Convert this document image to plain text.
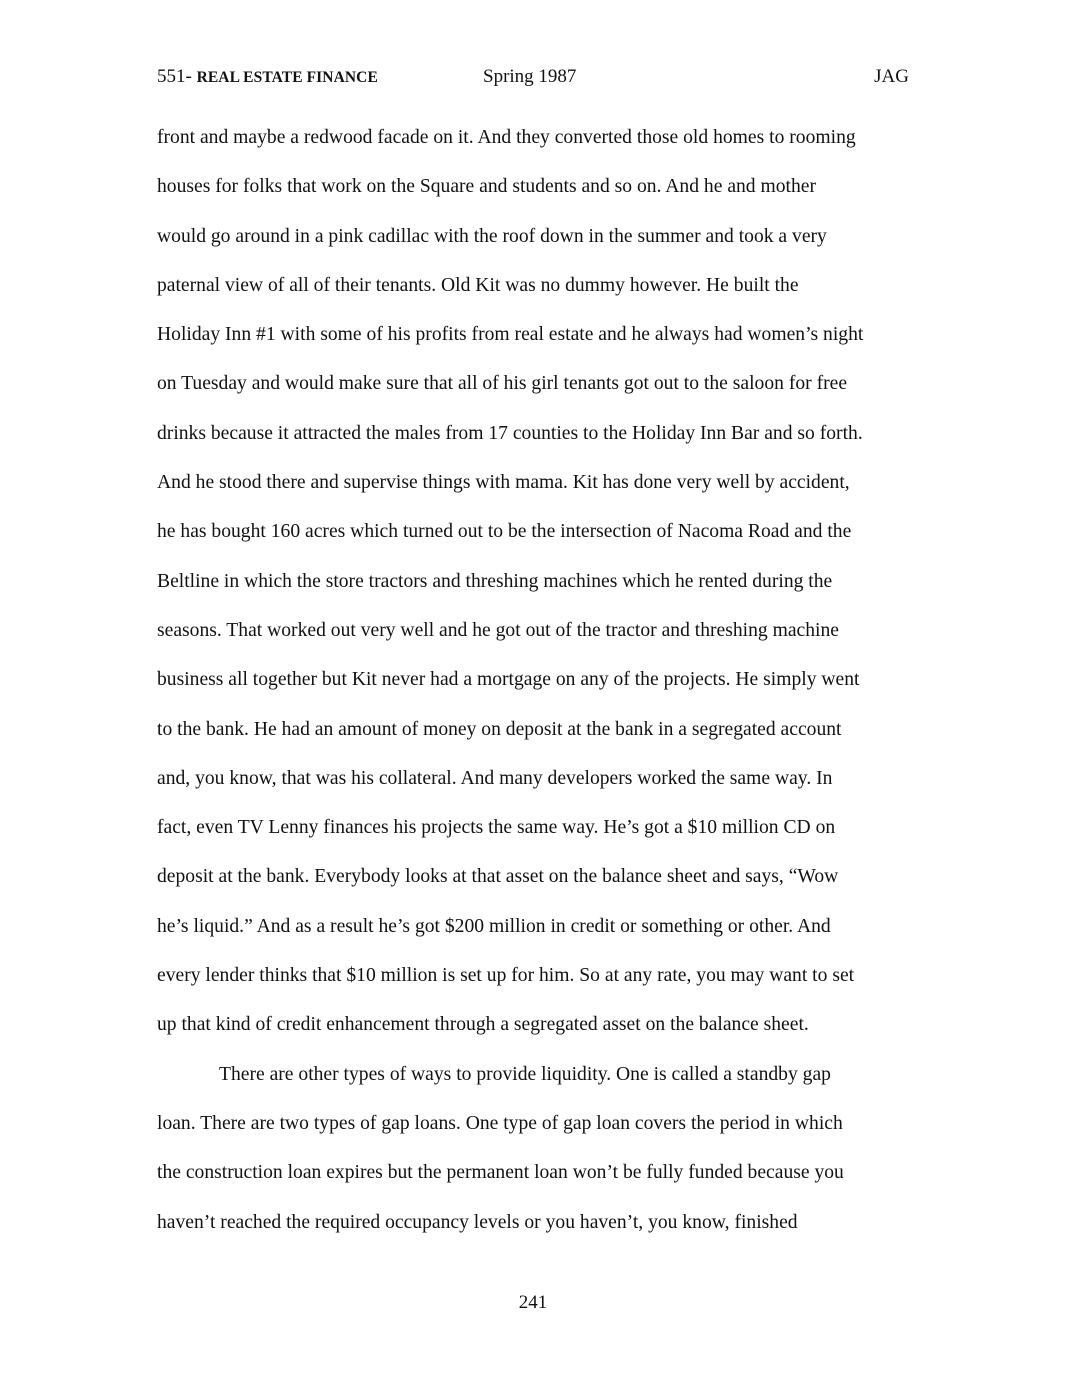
551- REAL ESTATE FINANCE	Spring 1987	JAG
front and maybe a redwood facade on it. And they converted those old homes to rooming
houses for folks that work on the Square and students and so on. And he and mother
would go around in a pink cadillac with the roof down in the summer and took a very
paternal view of all of their tenants. Old Kit was no dummy however. He built the
Holiday Inn #1 with some of his profits from real estate and he always had women’s night
on Tuesday and would make sure that all of his girl tenants got out to the saloon for free
drinks because it attracted the males from 17 counties to the Holiday Inn Bar and so forth.
And he stood there and supervise things with mama. Kit has done very well by accident,
he has bought 160 acres which turned out to be the intersection of Nacoma Road and the
Beltline in which the store tractors and threshing machines which he rented during the
seasons. That worked out very well and he got out of the tractor and threshing machine
business all together but Kit never had a mortgage on any of the projects. He simply went
to the bank. He had an amount of money on deposit at the bank in a segregated account
and, you know, that was his collateral. And many developers worked the same way. In
fact, even TV Lenny finances his projects the same way. He’s got a $10 million CD on
deposit at the bank. Everybody looks at that asset on the balance sheet and says, “Wow
he’s liquid.” And as a result he’s got $200 million in credit or something or other. And
every lender thinks that $10 million is set up for him. So at any rate, you may want to set
up that kind of credit enhancement through a segregated asset on the balance sheet.
There are other types of ways to provide liquidity. One is called a standby gap
loan. There are two types of gap loans. One type of gap loan covers the period in which
the construction loan expires but the permanent loan won’t be fully funded because you
haven’t reached the required occupancy levels or you haven’t, you know, finished
241
